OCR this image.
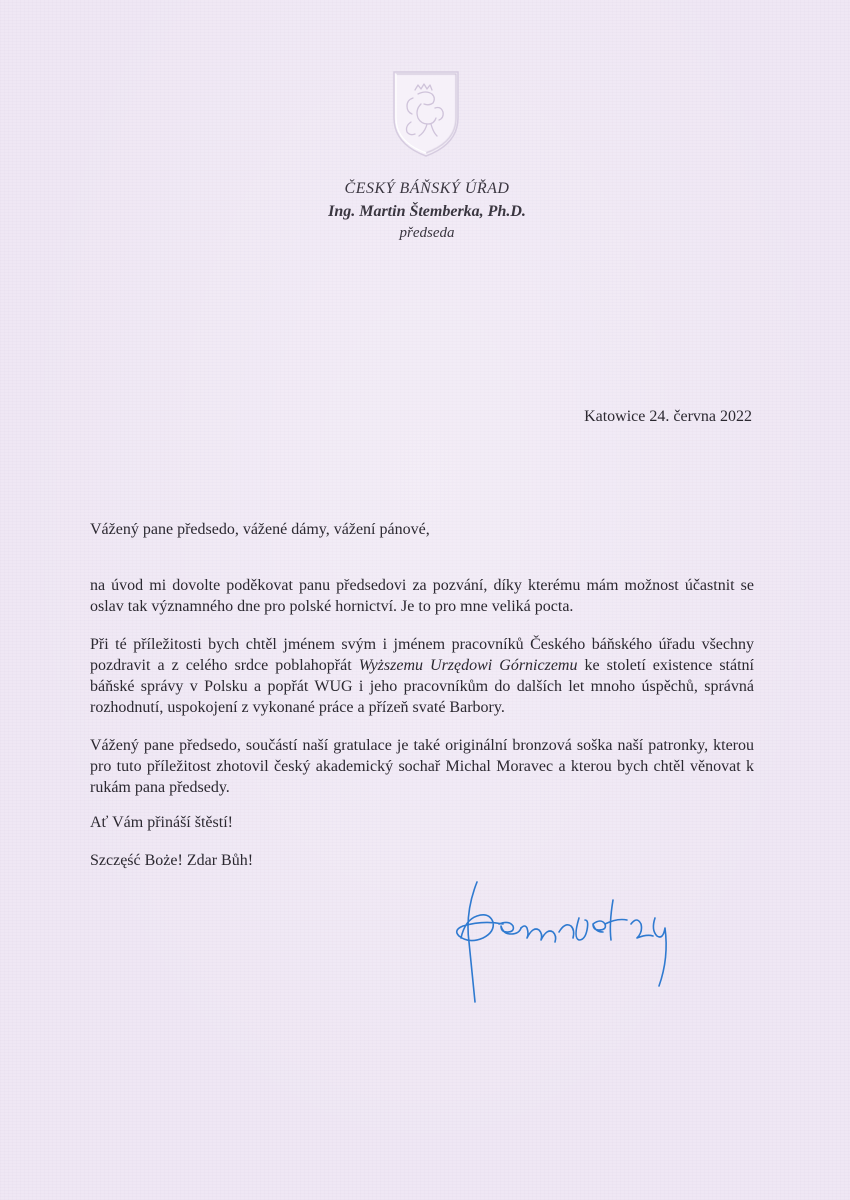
ČESKÝ BÁŇSKÝ ÚŘAD
Ing. Martin Štemberka, Ph.D.
předseda
Katowice 24. června 2022
Vážený pane předsedo, vážené dámy, vážení pánové,

na úvod mi dovolte poděkovat panu předsedovi za pozvání, díky kterému mám možnost účastnit se oslav tak významného dne pro polské hornictví. Je to pro mne veliká pocta.

Při té příležitosti bych chtěl jménem svým i jménem pracovníků Českého báňského úřadu všechny pozdravit a z celého srdce poblahopřát Wyższemu Urzędowi Górniczemu ke století existence státní báňské správy v Polsku a popřát WUG i jeho pracovníkům do dalších let mnoho úspěchů, správná rozhodnutí, uspokojení z vykonané práce a přízeň svaté Barbory.

Vážený pane předsedo, součástí naší gratulace je také originální bronzová soška naší patronky, kterou pro tuto příležitost zhotovil český akademický sochař Michal Moravec a kterou bych chtěl věnovat k rukám pana předsedy.

Ať Vám přináší štěstí!
Szczęść Boże! Zdar Bůh!
